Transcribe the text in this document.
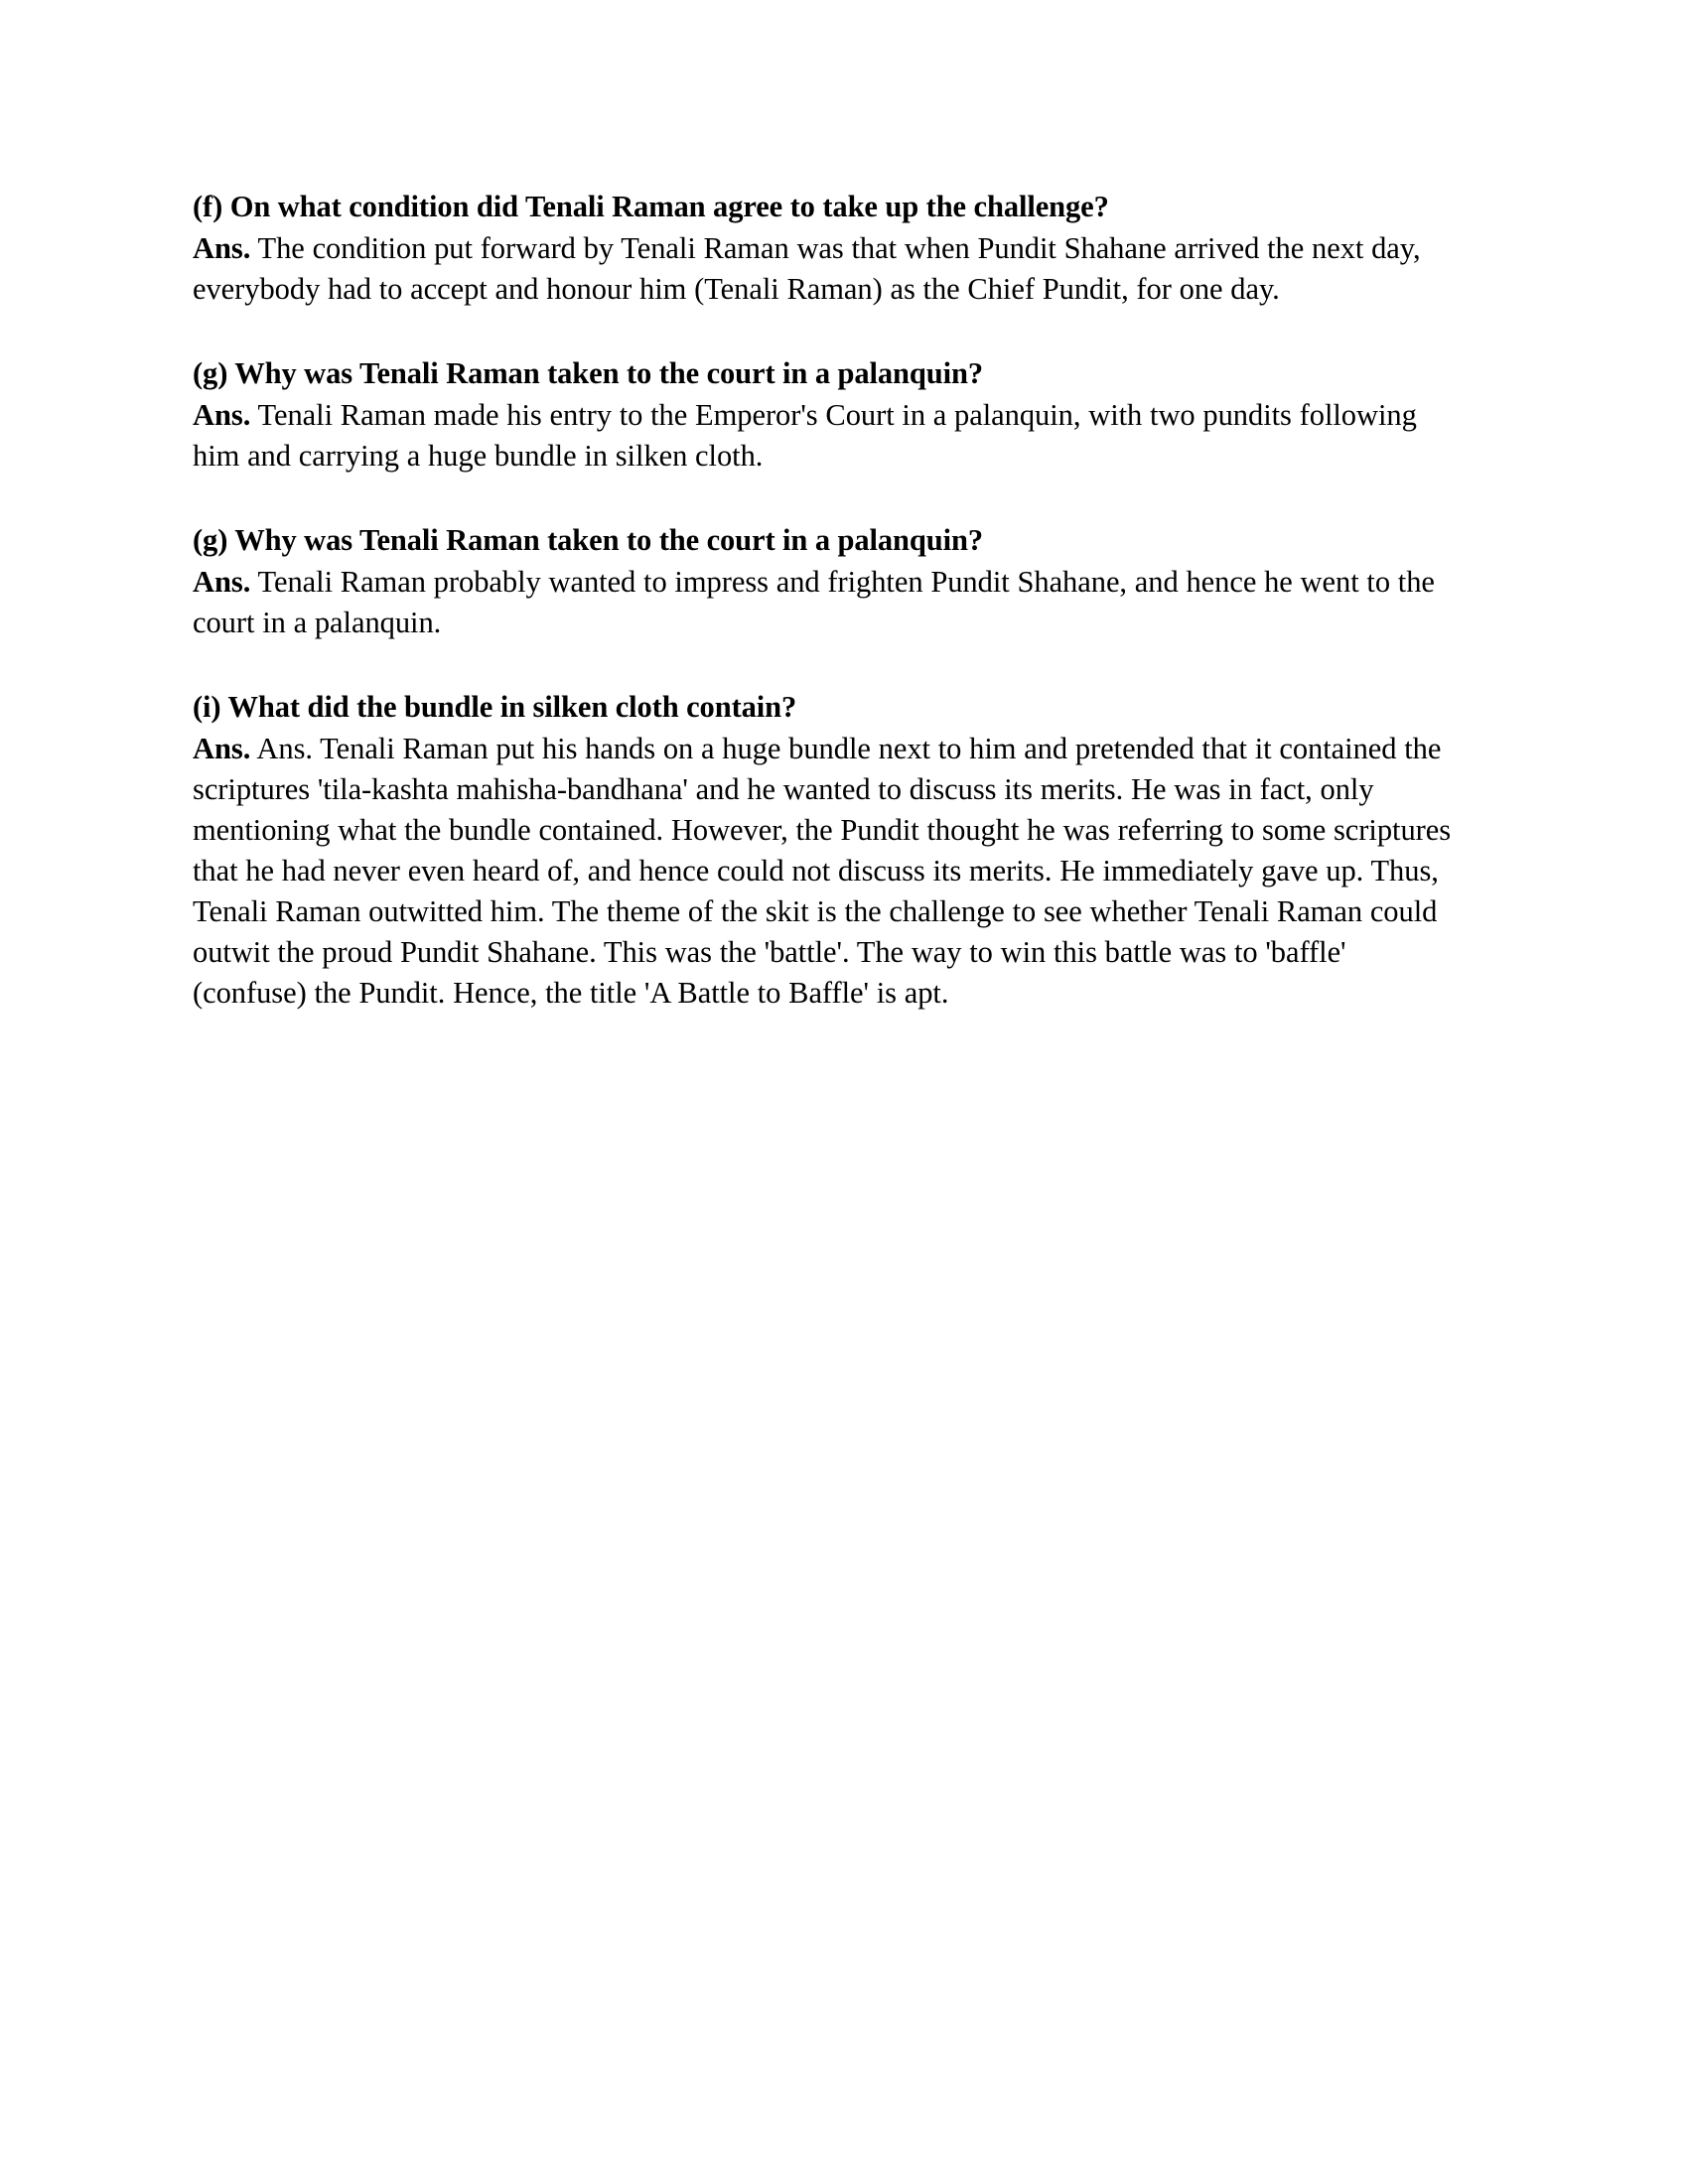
(f) On what condition did Tenali Raman agree to take up the challenge?

Ans. The condition put forward by Tenali Raman was that when Pundit Shahane arrived the next day, everybody had to accept and honour him (Tenali Raman) as the Chief Pundit, for one day.

(g) Why was Tenali Raman taken to the court in a palanquin?

Ans. Tenali Raman made his entry to the Emperor's Court in a palanquin, with two pundits following him and carrying a huge bundle in silken cloth.

(g) Why was Tenali Raman taken to the court in a palanquin?

Ans. Tenali Raman probably wanted to impress and frighten Pundit Shahane, and hence he went to the court in a palanquin.

(i) What did the bundle in silken cloth contain?

Ans. Ans. Tenali Raman put his hands on a huge bundle next to him and pretended that it contained the scriptures 'tila-kashta mahisha-bandhana' and he wanted to discuss its merits. He was in fact, only mentioning what the bundle contained. However, the Pundit thought he was referring to some scriptures that he had never even heard of, and hence could not discuss its merits. He immediately gave up. Thus, Tenali Raman outwitted him. The theme of the skit is the challenge to see whether Tenali Raman could outwit the proud Pundit Shahane. This was the 'battle'. The way to win this battle was to 'baffle' (confuse) the Pundit. Hence, the title 'A Battle to Baffle' is apt.
